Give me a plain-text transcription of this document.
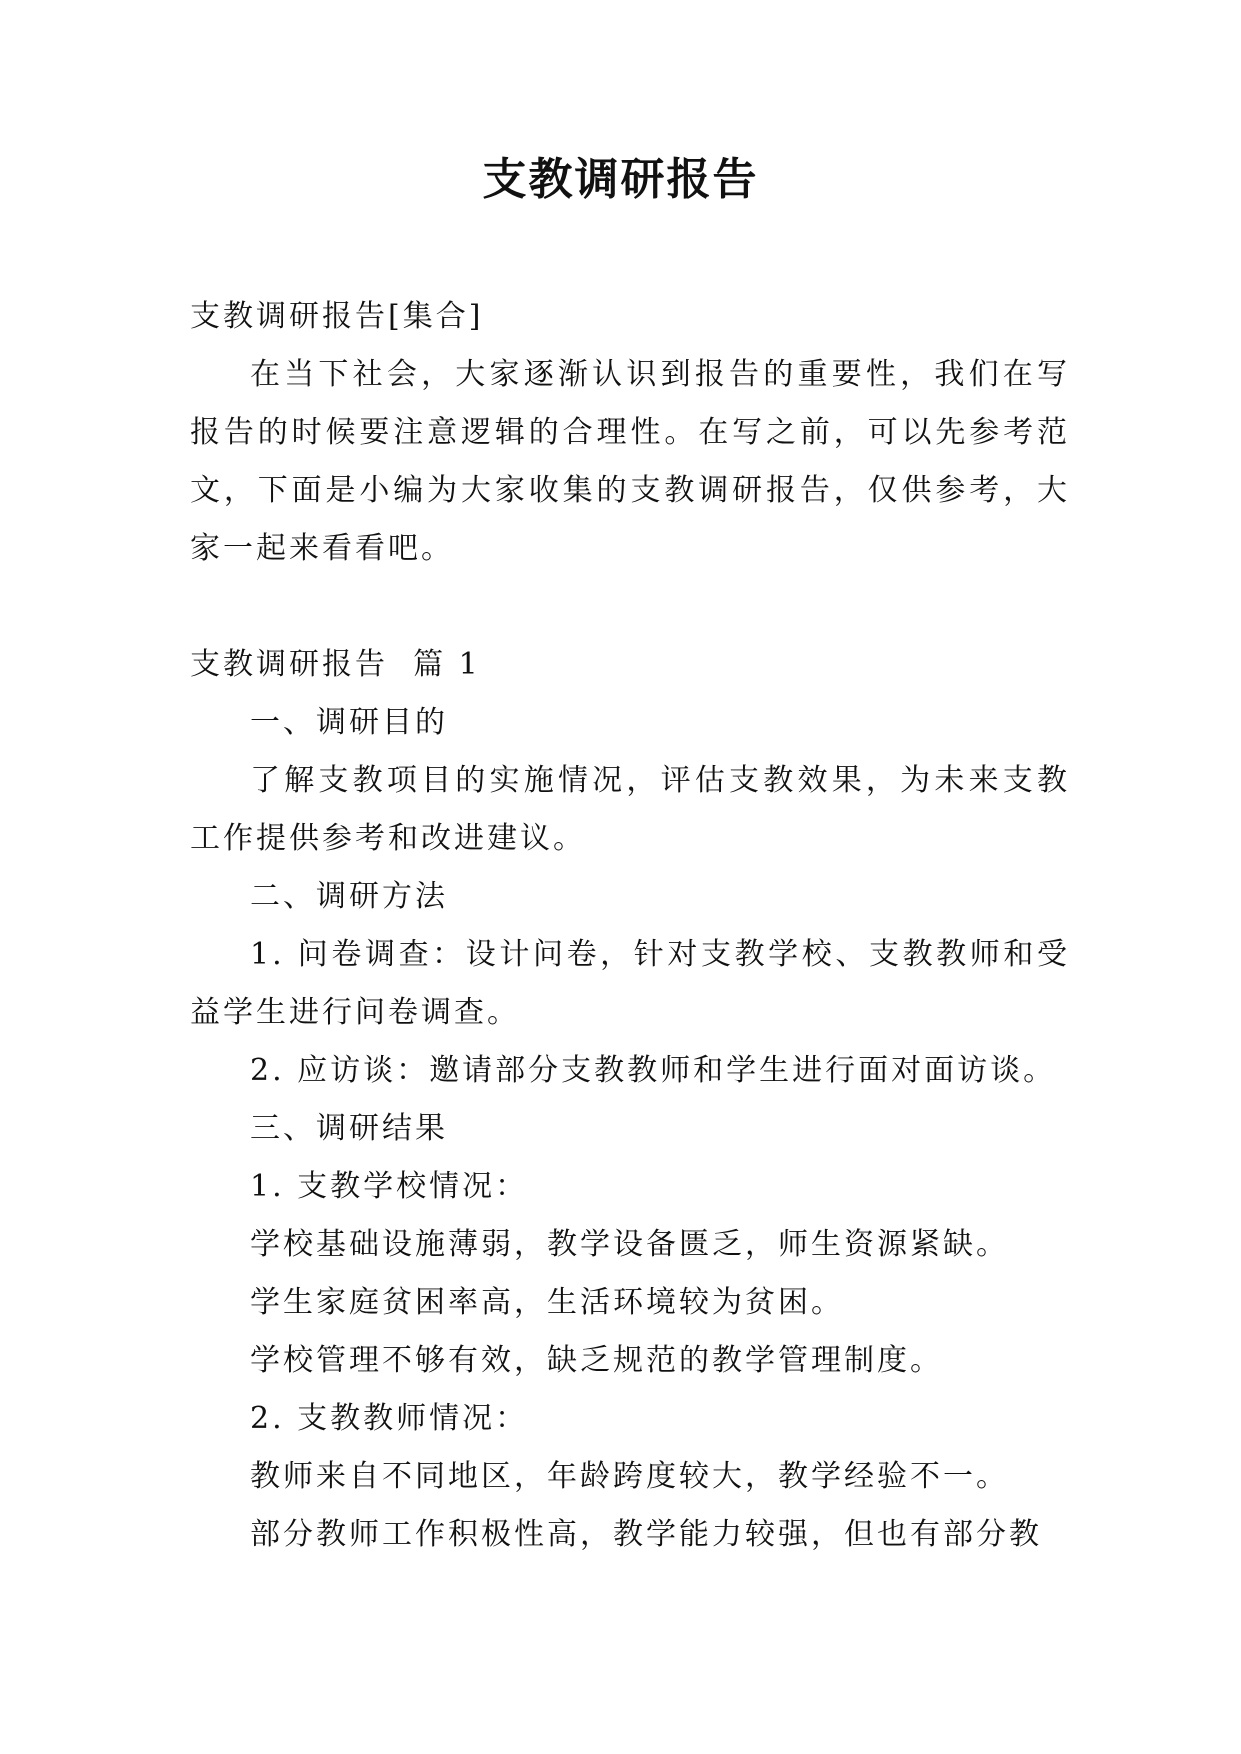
支教调研报告

支教调研报告[集合]

在当下社会，大家逐渐认识到报告的重要性，我们在写报告的时候要注意逻辑的合理性。在写之前，可以先参考范文，下面是小编为大家收集的支教调研报告，仅供参考，大家一起来看看吧。

支教调研报告  篇 1

一、调研目的

了解支教项目的实施情况，评估支教效果，为未来支教工作提供参考和改进建议。

二、调研方法

1. 问卷调查：设计问卷，针对支教学校、支教教师和受益学生进行问卷调查。

2. 应访谈：邀请部分支教教师和学生进行面对面访谈。

三、调研结果

1. 支教学校情况：

学校基础设施薄弱，教学设备匮乏，师生资源紧缺。

学生家庭贫困率高，生活环境较为贫困。

学校管理不够有效，缺乏规范的教学管理制度。

2. 支教教师情况：

教师来自不同地区，年龄跨度较大，教学经验不一。

部分教师工作积极性高，教学能力较强，但也有部分教
